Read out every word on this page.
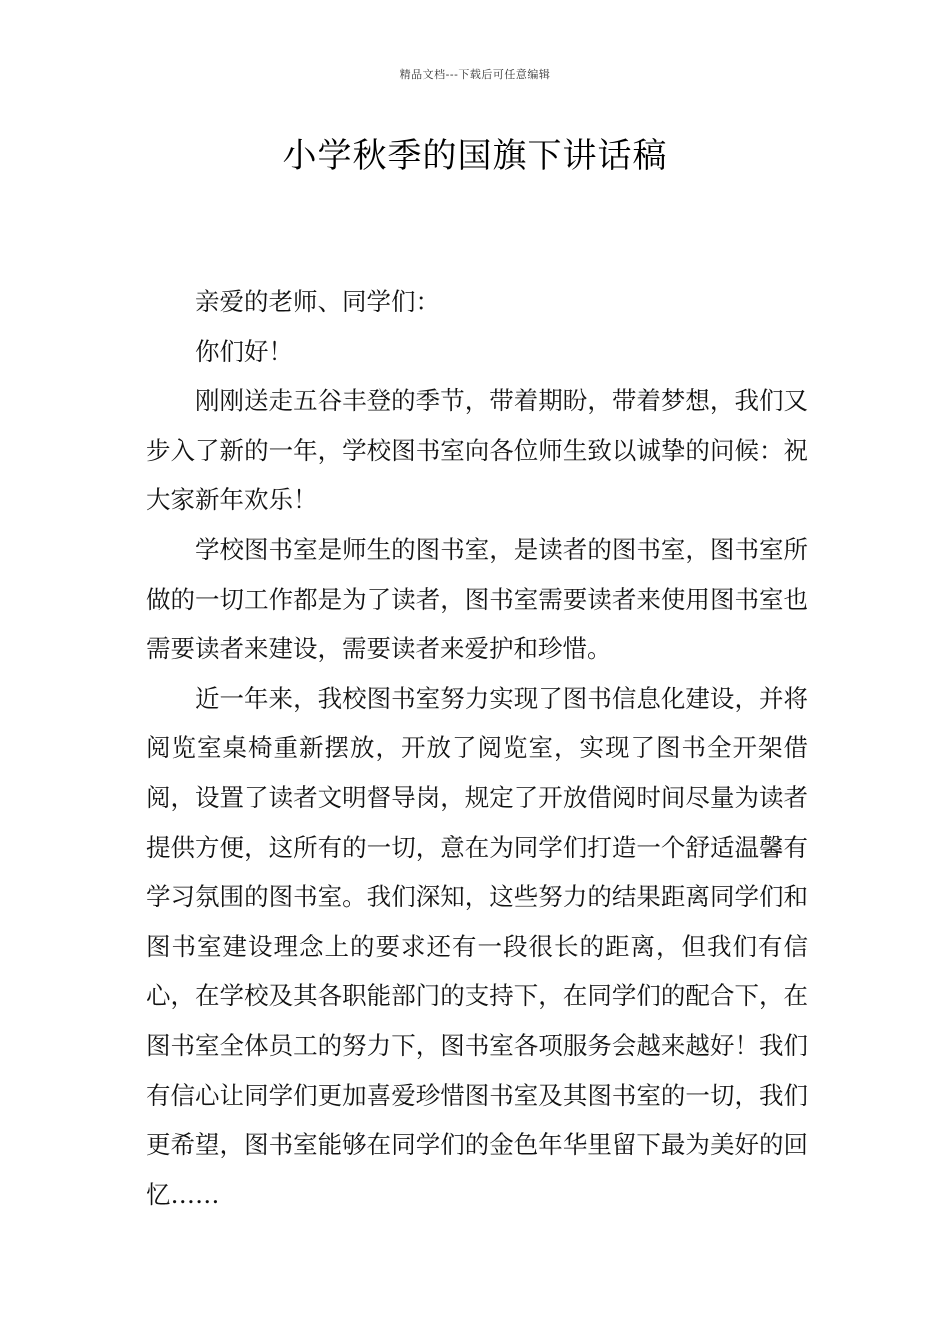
精品文档---下载后可任意编辑
小学秋季的国旗下讲话稿

亲爱的老师、同学们：

你们好！

刚刚送走五谷丰登的季节，带着期盼，带着梦想，我们又步入了新的一年，学校图书室向各位师生致以诚挚的问候：祝大家新年欢乐！

学校图书室是师生的图书室，是读者的图书室，图书室所做的一切工作都是为了读者，图书室需要读者来使用图书室也需要读者来建设，需要读者来爱护和珍惜。

近一年来，我校图书室努力实现了图书信息化建设，并将阅览室桌椅重新摆放，开放了阅览室，实现了图书全开架借阅，设置了读者文明督导岗，规定了开放借阅时间尽量为读者提供方便，这所有的一切，意在为同学们打造一个舒适温馨有学习氛围的图书室。我们深知，这些努力的结果距离同学们和图书室建设理念上的要求还有一段很长的距离，但我们有信心，在学校及其各职能部门的支持下，在同学们的配合下，在图书室全体员工的努力下，图书室各项服务会越来越好！我们有信心让同学们更加喜爱珍惜图书室及其图书室的一切，我们更希望，图书室能够在同学们的金色年华里留下最为美好的回忆……
